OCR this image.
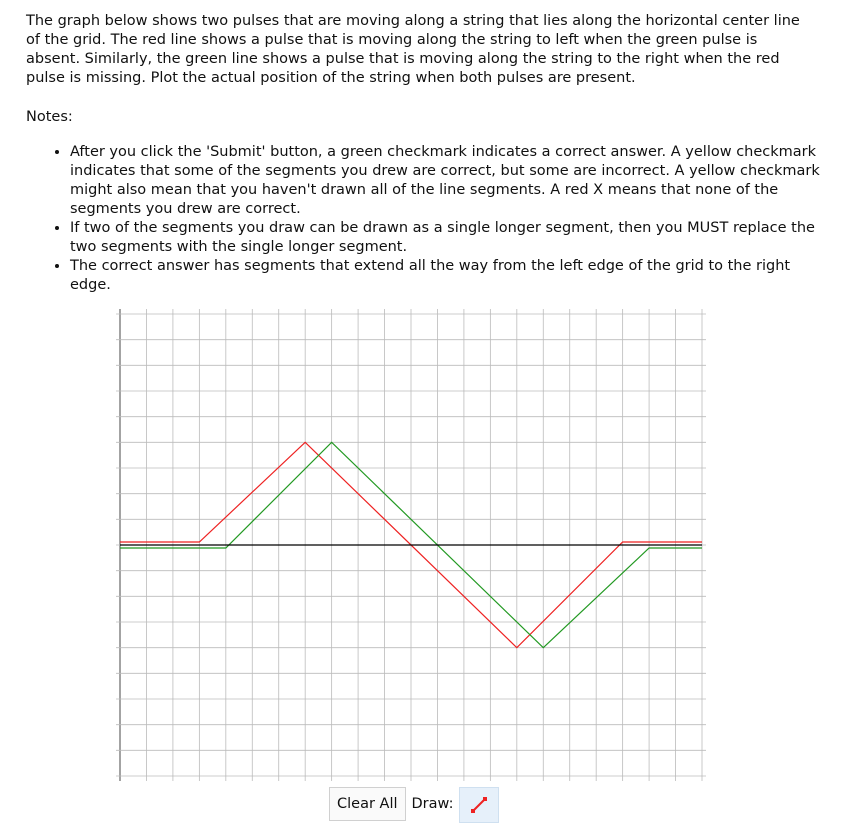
The graph below shows two pulses that are moving along a string that lies along the horizontal center line of the grid. The red line shows a pulse that is moving along the string to left when the green pulse is absent. Similarly, the green line shows a pulse that is moving along the string to the right when the red pulse is missing. Plot the actual position of the string when both pulses are present.

Notes:

• After you click the 'Submit' button, a green checkmark indicates a correct answer. A yellow checkmark indicates that some of the segments you drew are correct, but some are incorrect. A yellow checkmark might also mean that you haven't drawn all of the line segments. A red X means that none of the segments you drew are correct.
• If two of the segments you draw can be drawn as a single longer segment, then you MUST replace the two segments with the single longer segment.
• The correct answer has segments that extend all the way from the left edge of the grid to the right edge.
Clear All Draw:
